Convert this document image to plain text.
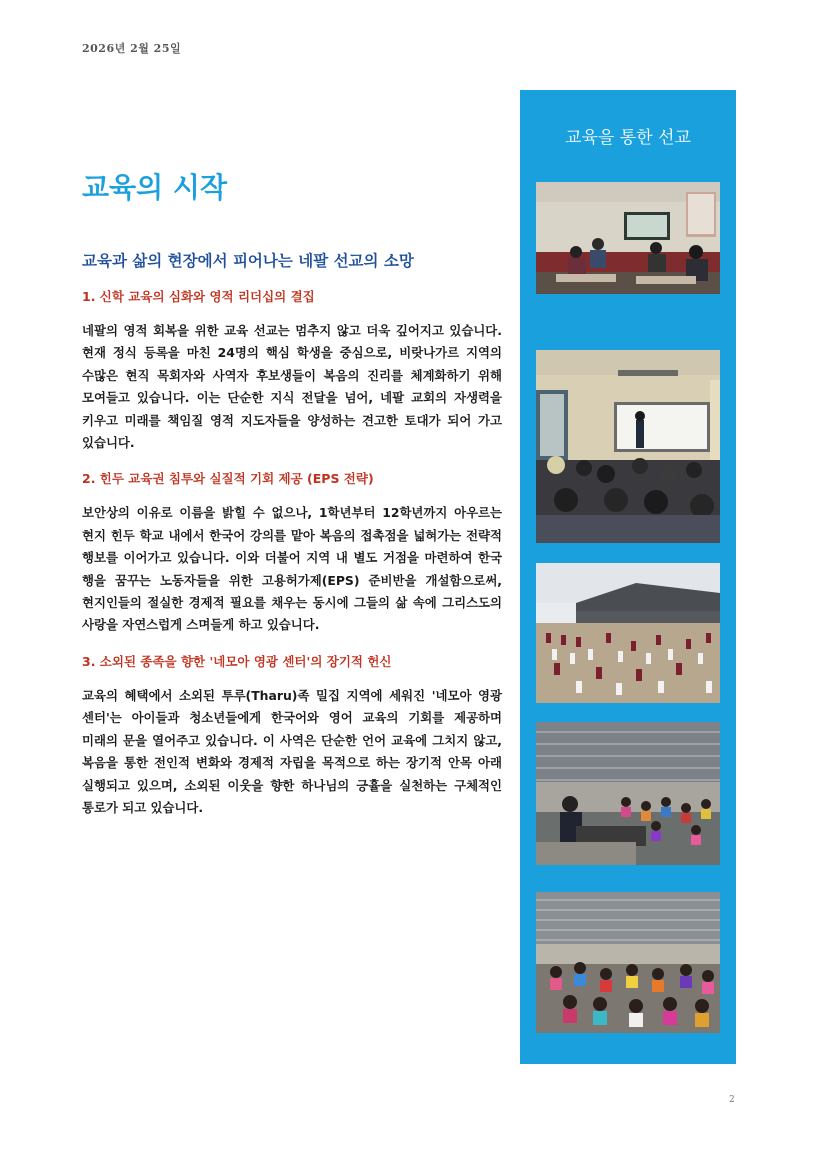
2026년 2월 25일
교육의 시작
교육과 삶의 현장에서 피어나는 네팔 선교의 소망
1. 신학 교육의 심화와 영적 리더십의 결집

네팔의 영적 회복을 위한 교육 선교는 멈추지 않고 더욱 깊어지고 있습니다. 현재 정식 등록을 마친 24명의 핵심 학생을 중심으로, 비랏나가르 지역의 수많은 현직 목회자와 사역자 후보생들이 복음의 진리를 체계화하기 위해 모여들고 있습니다. 이는 단순한 지식 전달을 넘어, 네팔 교회의 자생력을 키우고 미래를 책임질 영적 지도자들을 양성하는 견고한 토대가 되어 가고 있습니다.

2. 힌두 교육권 침투와 실질적 기회 제공 (EPS 전략)

보안상의 이유로 이름을 밝힐 수 없으나, 1학년부터 12학년까지 아우르는 현지 힌두 학교 내에서 한국어 강의를 맡아 복음의 접촉점을 넓혀가는 전략적 행보를 이어가고 있습니다. 이와 더불어 지역 내 별도 거점을 마련하여 한국 행을 꿈꾸는 노동자들을 위한 고용허가제(EPS) 준비반을 개설함으로써, 현지인들의 절실한 경제적 필요를 채우는 동시에 그들의 삶 속에 그리스도의 사랑을 자연스럽게 스며들게 하고 있습니다.

3. 소외된 종족을 향한 '네모아 영광 센터'의 장기적 헌신

교육의 혜택에서 소외된 투루(Tharu)족 밀집 지역에 세워진 '네모아 영광 센터'는 아이들과 청소년들에게 한국어와 영어 교육의 기회를 제공하며 미래의 문을 열어주고 있습니다. 이 사역은 단순한 언어 교육에 그치지 않고, 복음을 통한 전인적 변화와 경제적 자립을 목적으로 하는 장기적 안목 아래 실행되고 있으며, 소외된 이웃을 향한 하나님의 긍휼을 실천하는 구체적인 통로가 되고 있습니다.

교육을 통한 선교
2
